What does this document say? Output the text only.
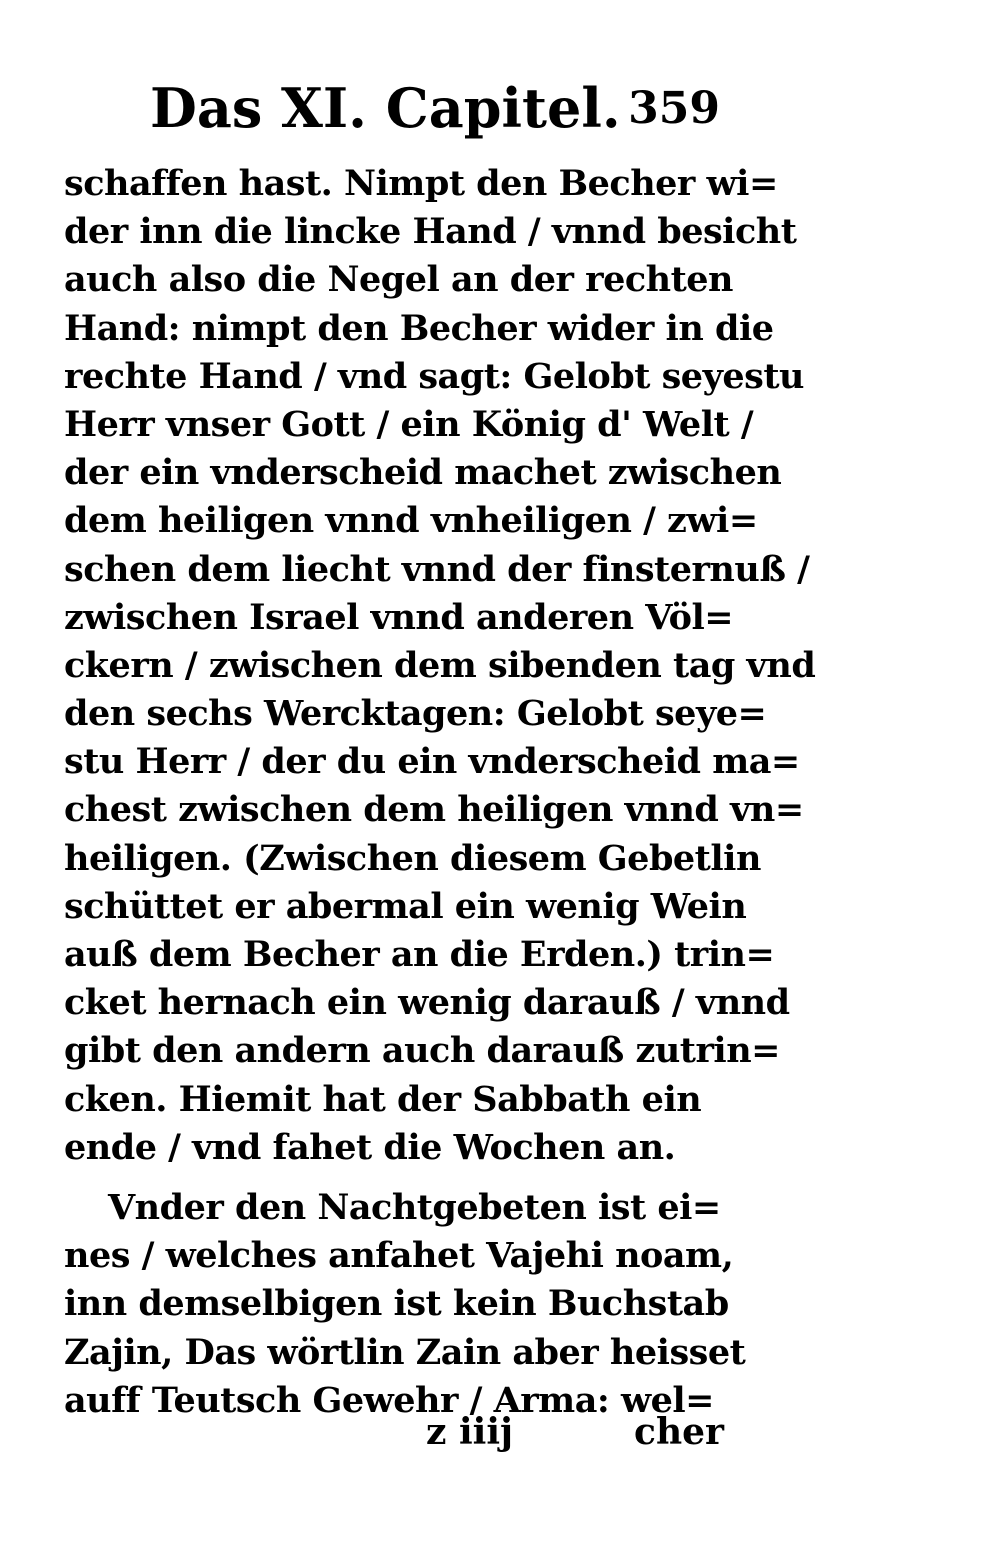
Das XI. Capitel. 359
schaffen hast. Nimpt den Becher wi=
der inn die lincke Hand / vnnd besicht
auch also die Negel an der rechten
Hand: nimpt den Becher wider in die
rechte Hand / vnd sagt: Gelobt seyestu
Herr vnser Gott / ein König d' Welt /
der ein vnderscheid machet zwischen
dem heiligen vnnd vnheiligen / zwi=
schen dem liecht vnnd der finsternuß /
zwischen Israel vnnd anderen Völ=
ckern / zwischen dem sibenden tag vnd
den sechs Wercktagen: Gelobt seye=
stu Herr / der du ein vnderscheid ma=
chest zwischen dem heiligen vnnd vn=
heiligen. (Zwischen diesem Gebetlin
schüttet er abermal ein wenig Wein
auß dem Becher an die Erden.) trin=
cket hernach ein wenig darauß / vnnd
gibt den andern auch darauß zutrin=
cken. Hiemit hat der Sabbath ein
ende / vnd fahet die Wochen an.
Vnder den Nachtgebeten ist ei=
nes / welches anfahet Vajehi noam,
inn demselbigen ist kein Buchstab
Zajin, Das wörtlin Zain aber heisset
auff Teutsch Gewehr / Arma: wel=
z iiij	cher
